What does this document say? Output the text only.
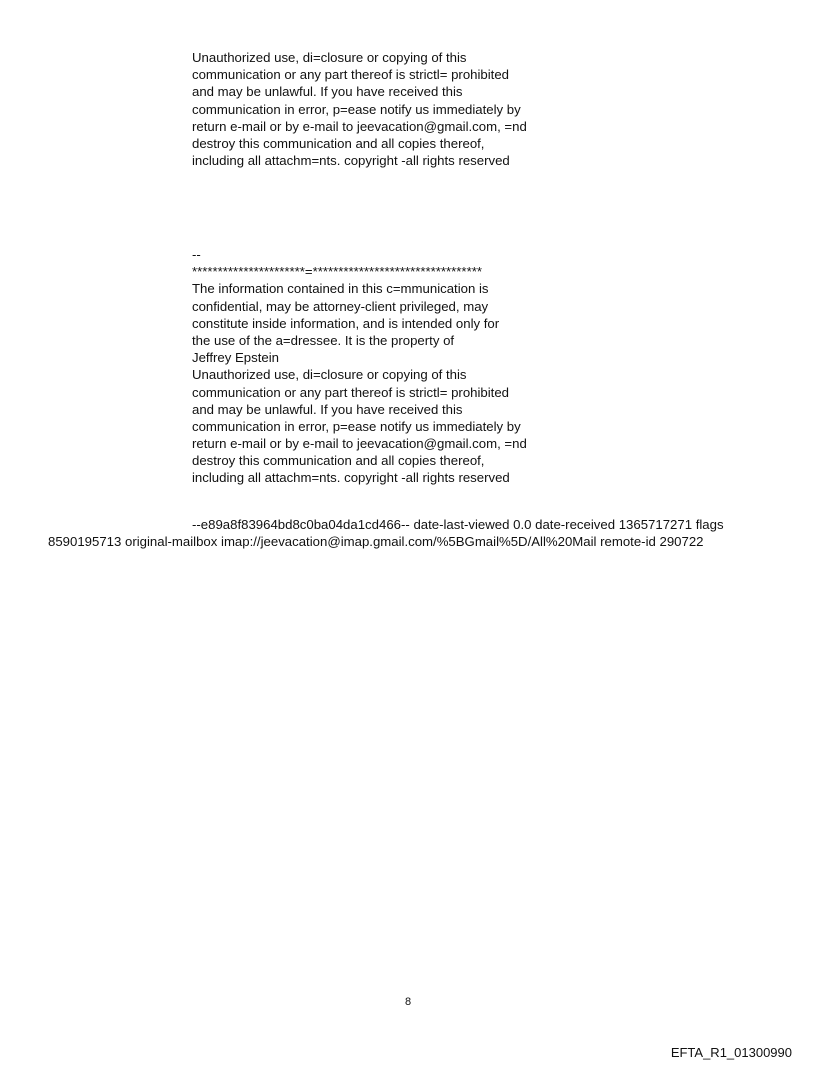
Unauthorized use, di=closure or copying of this
communication or any part thereof is strictl= prohibited
and may be unlawful. If you have received this
communication in error, p=ease notify us immediately by
return e-mail or by e-mail to jeevacation@gmail.com, =nd
destroy this communication and all copies thereof,
including all attachm=nts. copyright -all rights reserved
--
**********************=*********************************
The information contained in this c=mmunication is
confidential, may be attorney-client privileged, may
constitute inside information, and is intended only for
the use of the a=dressee. It is the property of
Jeffrey Epstein
Unauthorized use, di=closure or copying of this
communication or any part thereof is strictl= prohibited
and may be unlawful. If you have received this
communication in error, p=ease notify us immediately by
return e-mail or by e-mail to jeevacation@gmail.com, =nd
destroy this communication and all copies thereof,
including all attachm=nts. copyright -all rights reserved
--e89a8f83964bd8c0ba04da1cd466-- date-last-viewed 0.0 date-received 1365717271 flags
8590195713 original-mailbox imap://jeevacation@imap.gmail.com/%5BGmail%5D/All%20Mail remote-id 290722
8
EFTA_R1_01300990
